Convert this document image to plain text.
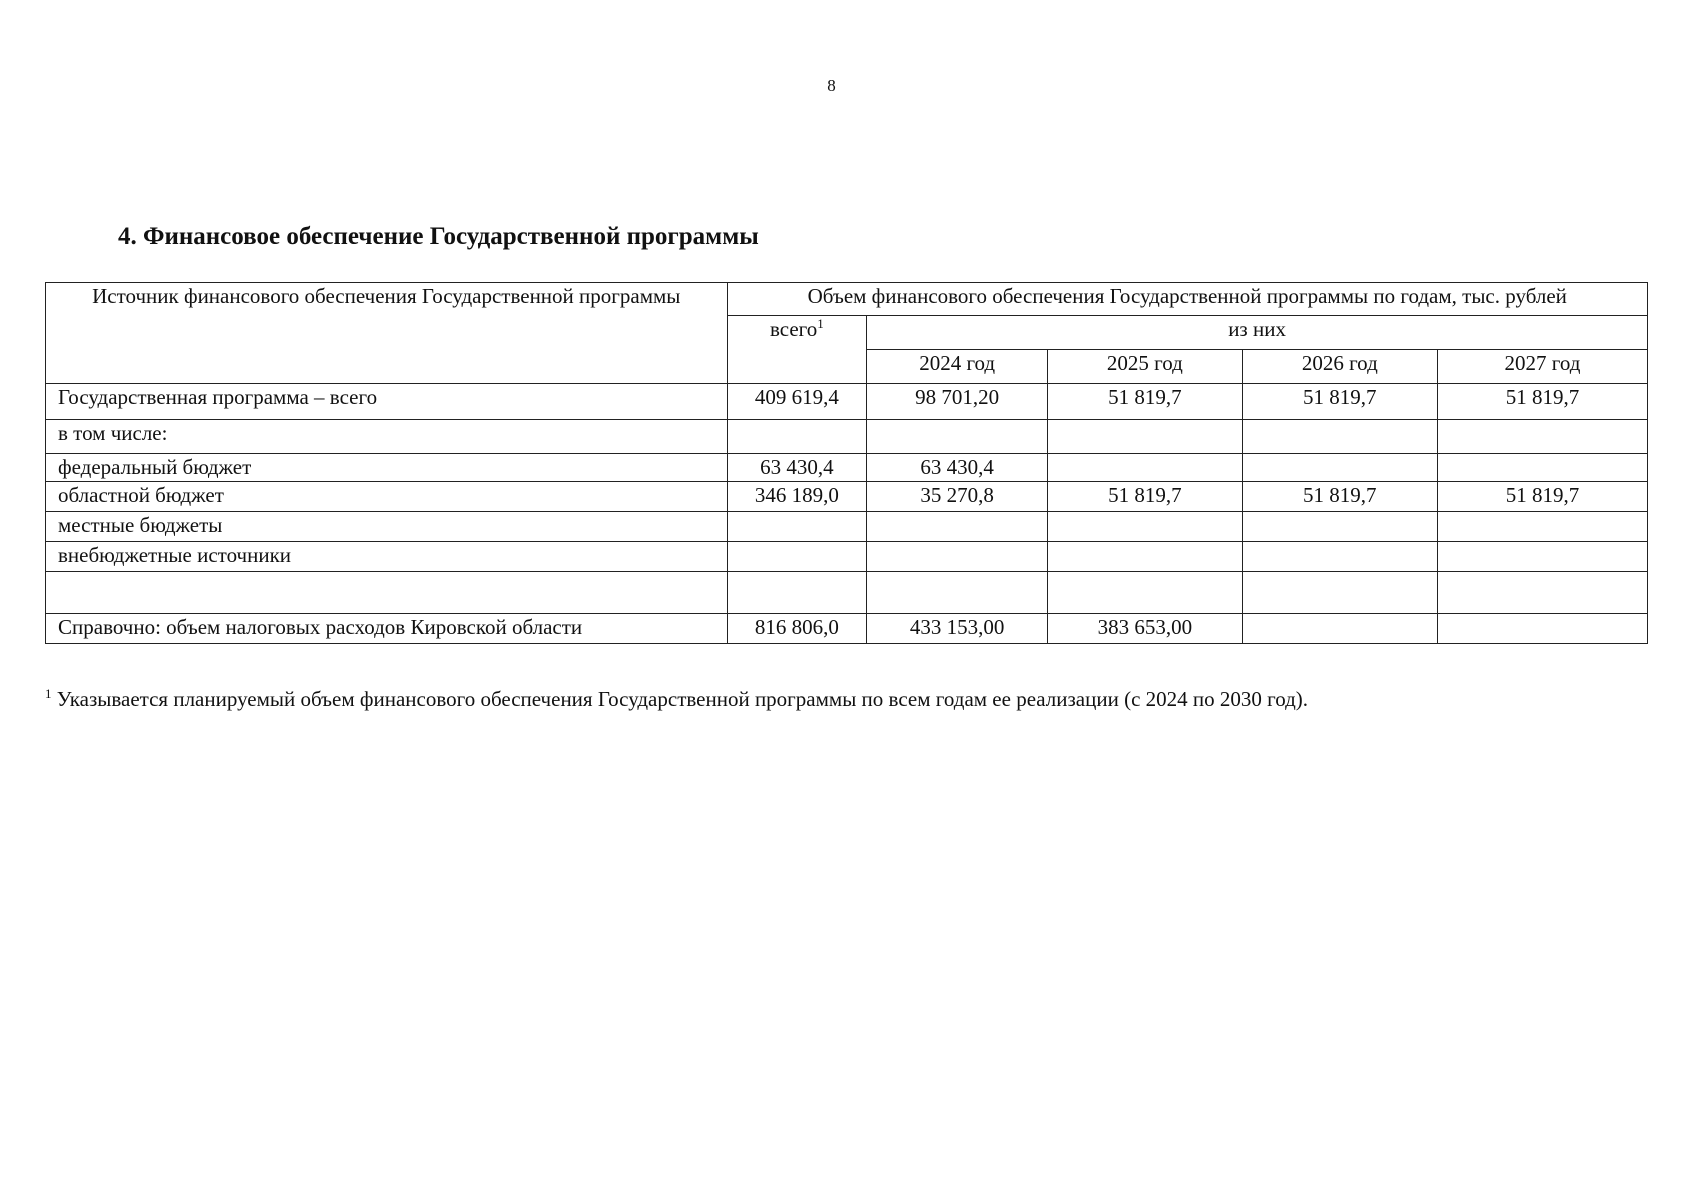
8
4. Финансовое обеспечение Государственной программы
Источник финансового обеспечения Государственной программы	Объем финансового обеспечения Государственной программы по годам, тыс. рублей				
	всего$^1$	из них			
		2024 год	2025 год	2026 год	2027 год
Государственная программа – всего	409 619,4	98 701,20	51 819,7	51 819,7	51 819,7
в том числе:					
федеральный бюджет	63 430,4	63 430,4			
областной бюджет	346 189,0	35 270,8	51 819,7	51 819,7	51 819,7
местные бюджеты					
внебюджетные источники					

Справочно: объем налоговых расходов Кировской области	816 806,0	433 153,00	383 653,00		

$^1$ Указывается планируемый объем финансового обеспечения Государственной программы по всем годам ее реализации (с 2024 по 2030 год).
